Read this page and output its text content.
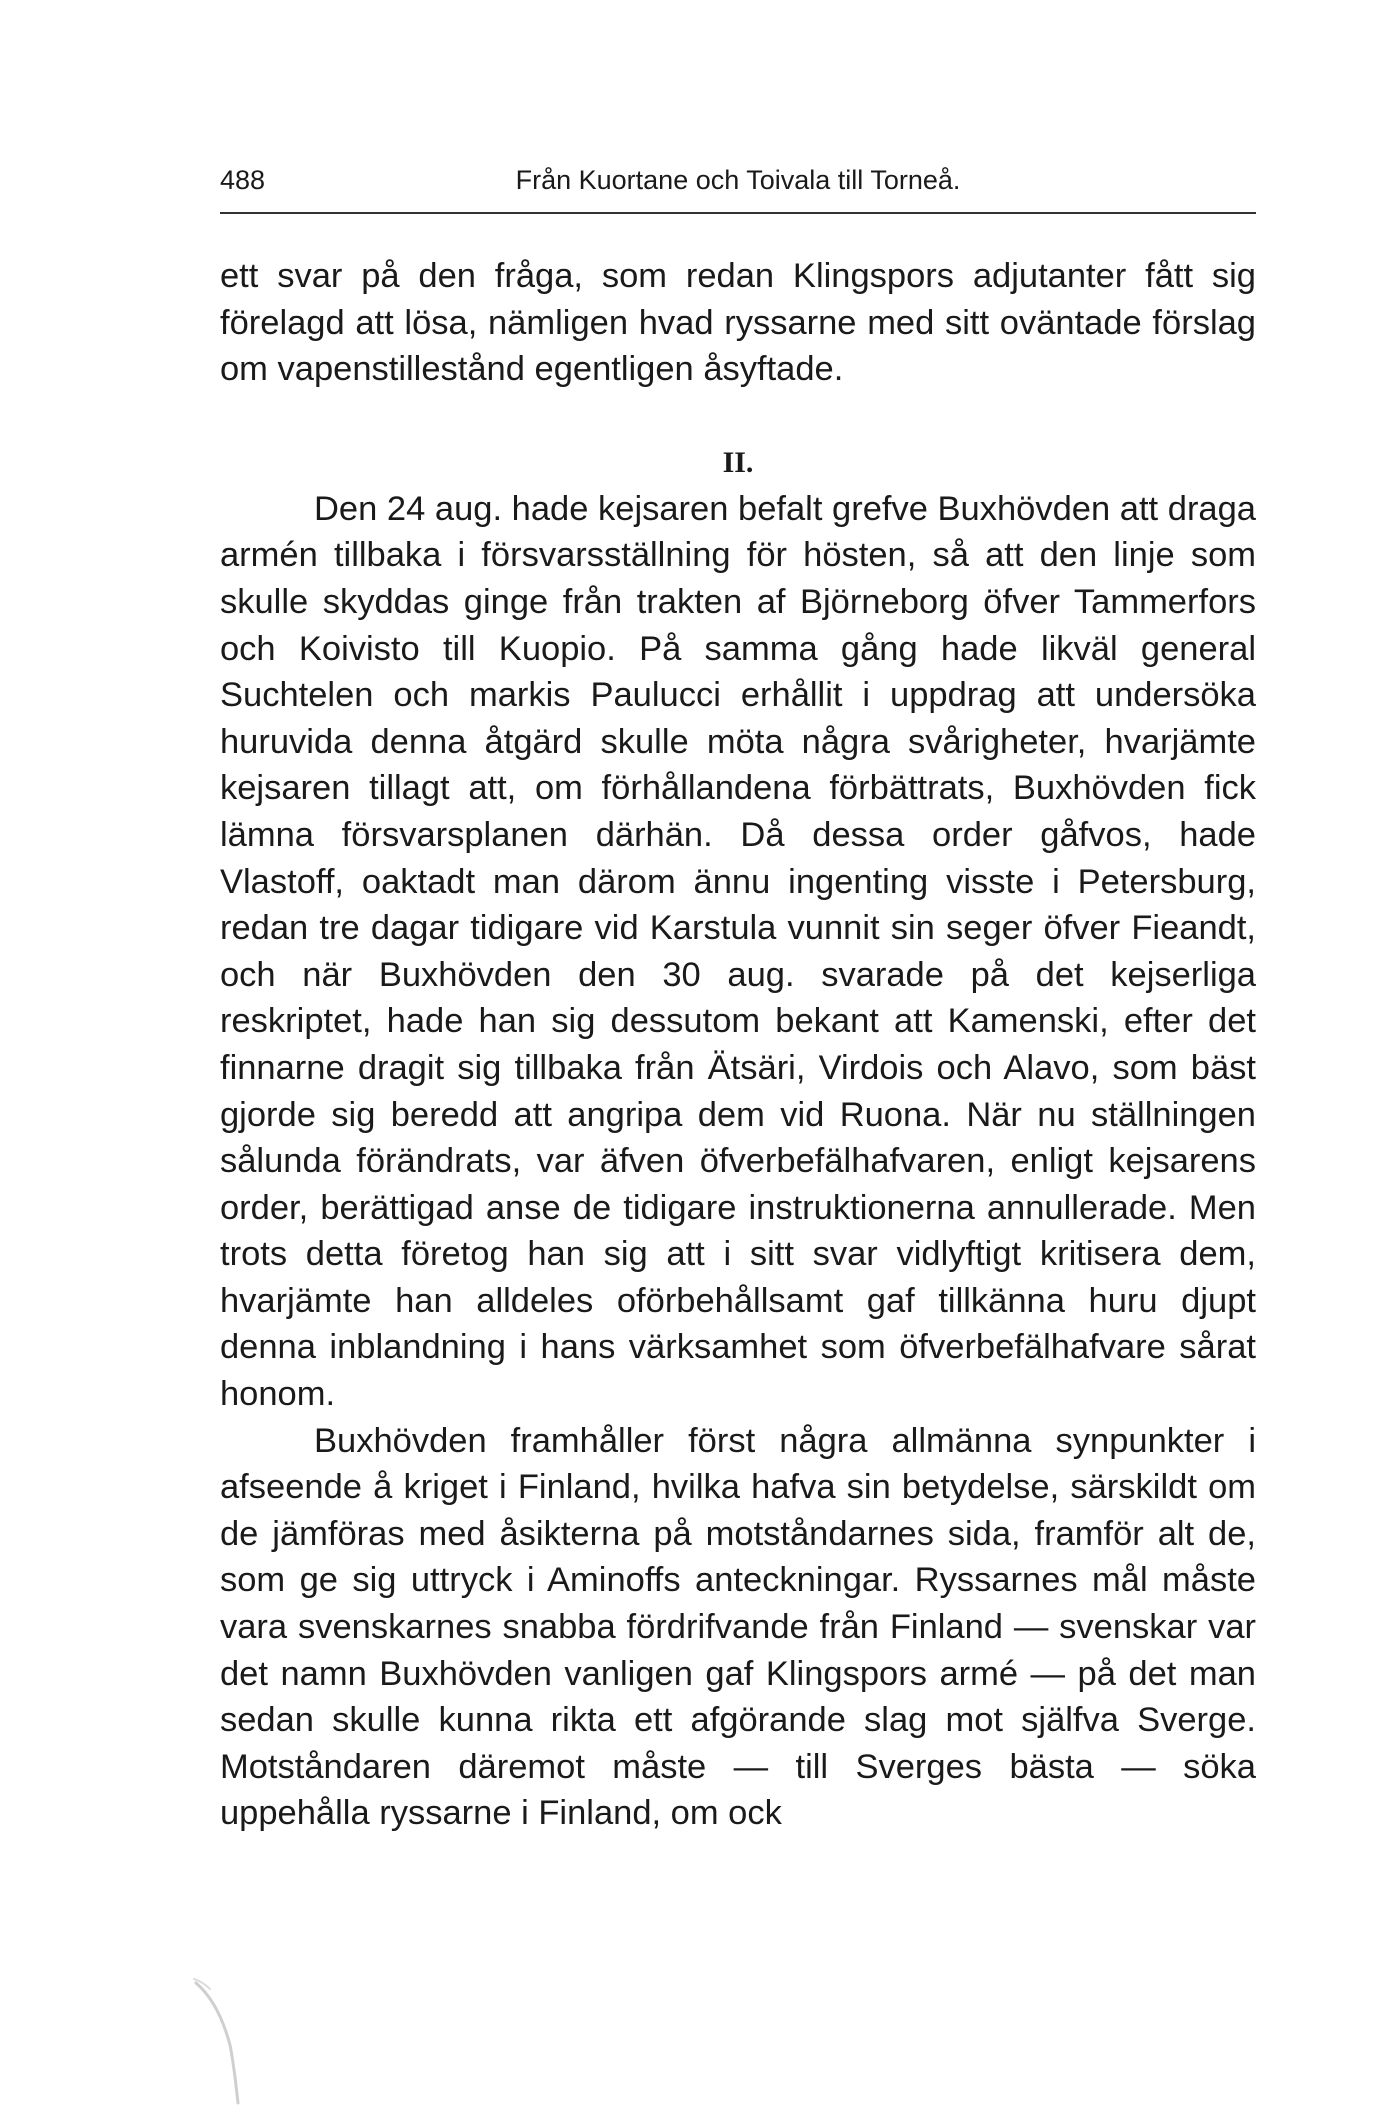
488	Från Kuortane och Toivala till Torneå.

ett svar på den fråga, som redan Klingspors adjutanter fått sig förelagd att lösa, nämligen hvad ryssarne med sitt oväntade förslag om vapenstillestånd egentligen åsyftade.

II.

Den 24 aug. hade kejsaren befalt grefve Buxhövden att draga armén tillbaka i försvarsställning för hösten, så att den linje som skulle skyddas ginge från trakten af Björneborg öfver Tammerfors och Koivisto till Kuopio. På samma gång hade likväl general Suchtelen och markis Paulucci erhållit i uppdrag att undersöka huruvida denna åtgärd skulle möta några svårigheter, hvarjämte kejsaren tillagt att, om förhållandena förbättrats, Buxhövden fick lämna försvarsplanen därhän. Då dessa order gåfvos, hade Vlastoff, oaktadt man därom ännu ingenting visste i Petersburg, redan tre dagar tidigare vid Karstula vunnit sin seger öfver Fieandt, och när Buxhövden den 30 aug. svarade på det kejserliga reskriptet, hade han sig dessutom bekant att Kamenski, efter det finnarne dragit sig tillbaka från Ätsäri, Virdois och Alavo, som bäst gjorde sig beredd att angripa dem vid Ruona. När nu ställningen sålunda förändrats, var äfven öfverbefälhafvaren, enligt kejsarens order, berättigad anse de tidigare instruktionerna annullerade. Men trots detta företog han sig att i sitt svar vidlyftigt kritisera dem, hvarjämte han alldeles oförbehållsamt gaf tillkänna huru djupt denna inblandning i hans värksamhet som öfverbefälhafvare sårat honom.

Buxhövden framhåller först några allmänna synpunkter i afseende å kriget i Finland, hvilka hafva sin betydelse, särskildt om de jämföras med åsikterna på motståndarnes sida, framför alt de, som ge sig uttryck i Aminoffs anteckningar. Ryssarnes mål måste vara svenskarnes snabba fördrifvande från Finland — svenskar var det namn Buxhövden vanligen gaf Klingspors armé — på det man sedan skulle kunna rikta ett afgörande slag mot själfva Sverge. Motståndaren däremot måste — till Sverges bästa — söka uppehålla ryssarne i Finland, om ock
